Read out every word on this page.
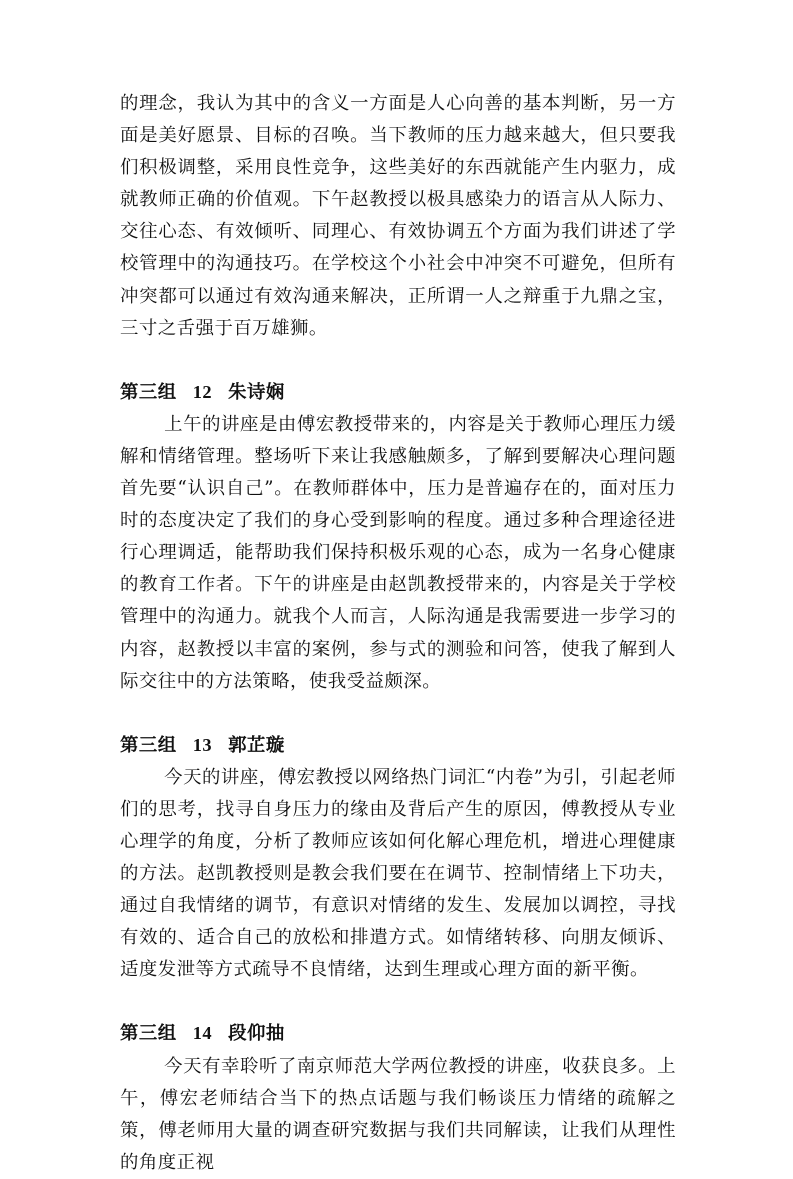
的理念，我认为其中的含义一方面是人心向善的基本判断，另一方面是美好愿景、目标的召唤。当下教师的压力越来越大，但只要我们积极调整，采用良性竞争，这些美好的东西就能产生内驱力，成就教师正确的价值观。下午赵教授以极具感染力的语言从人际力、交往心态、有效倾听、同理心、有效协调五个方面为我们讲述了学校管理中的沟通技巧。在学校这个小社会中冲突不可避免，但所有冲突都可以通过有效沟通来解决，正所谓一人之辩重于九鼎之宝，三寸之舌强于百万雄狮。

第三组 12 朱诗娴

上午的讲座是由傅宏教授带来的，内容是关于教师心理压力缓解和情绪管理。整场听下来让我感触颇多，了解到要解决心理问题首先要“认识自己”。在教师群体中，压力是普遍存在的，面对压力时的态度决定了我们的身心受到影响的程度。通过多种合理途径进行心理调适，能帮助我们保持积极乐观的心态，成为一名身心健康的教育工作者。下午的讲座是由赵凯教授带来的，内容是关于学校管理中的沟通力。就我个人而言，人际沟通是我需要进一步学习的内容，赵教授以丰富的案例，参与式的测验和问答，使我了解到人际交往中的方法策略，使我受益颇深。

第三组 13 郭芷璇

今天的讲座，傅宏教授以网络热门词汇“内卷”为引，引起老师们的思考，找寻自身压力的缘由及背后产生的原因，傅教授从专业心理学的角度，分析了教师应该如何化解心理危机，增进心理健康的方法。赵凯教授则是教会我们要在在调节、控制情绪上下功夫，通过自我情绪的调节，有意识对情绪的发生、发展加以调控，寻找有效的、适合自己的放松和排遣方式。如情绪转移、向朋友倾诉、适度发泄等方式疏导不良情绪，达到生理或心理方面的新平衡。

第三组 14 段仰抽

今天有幸聆听了南京师范大学两位教授的讲座，收获良多。上午，傅宏老师结合当下的热点话题与我们畅谈压力情绪的疏解之策，傅老师用大量的调查研究数据与我们共同解读，让我们从理性的角度正视
